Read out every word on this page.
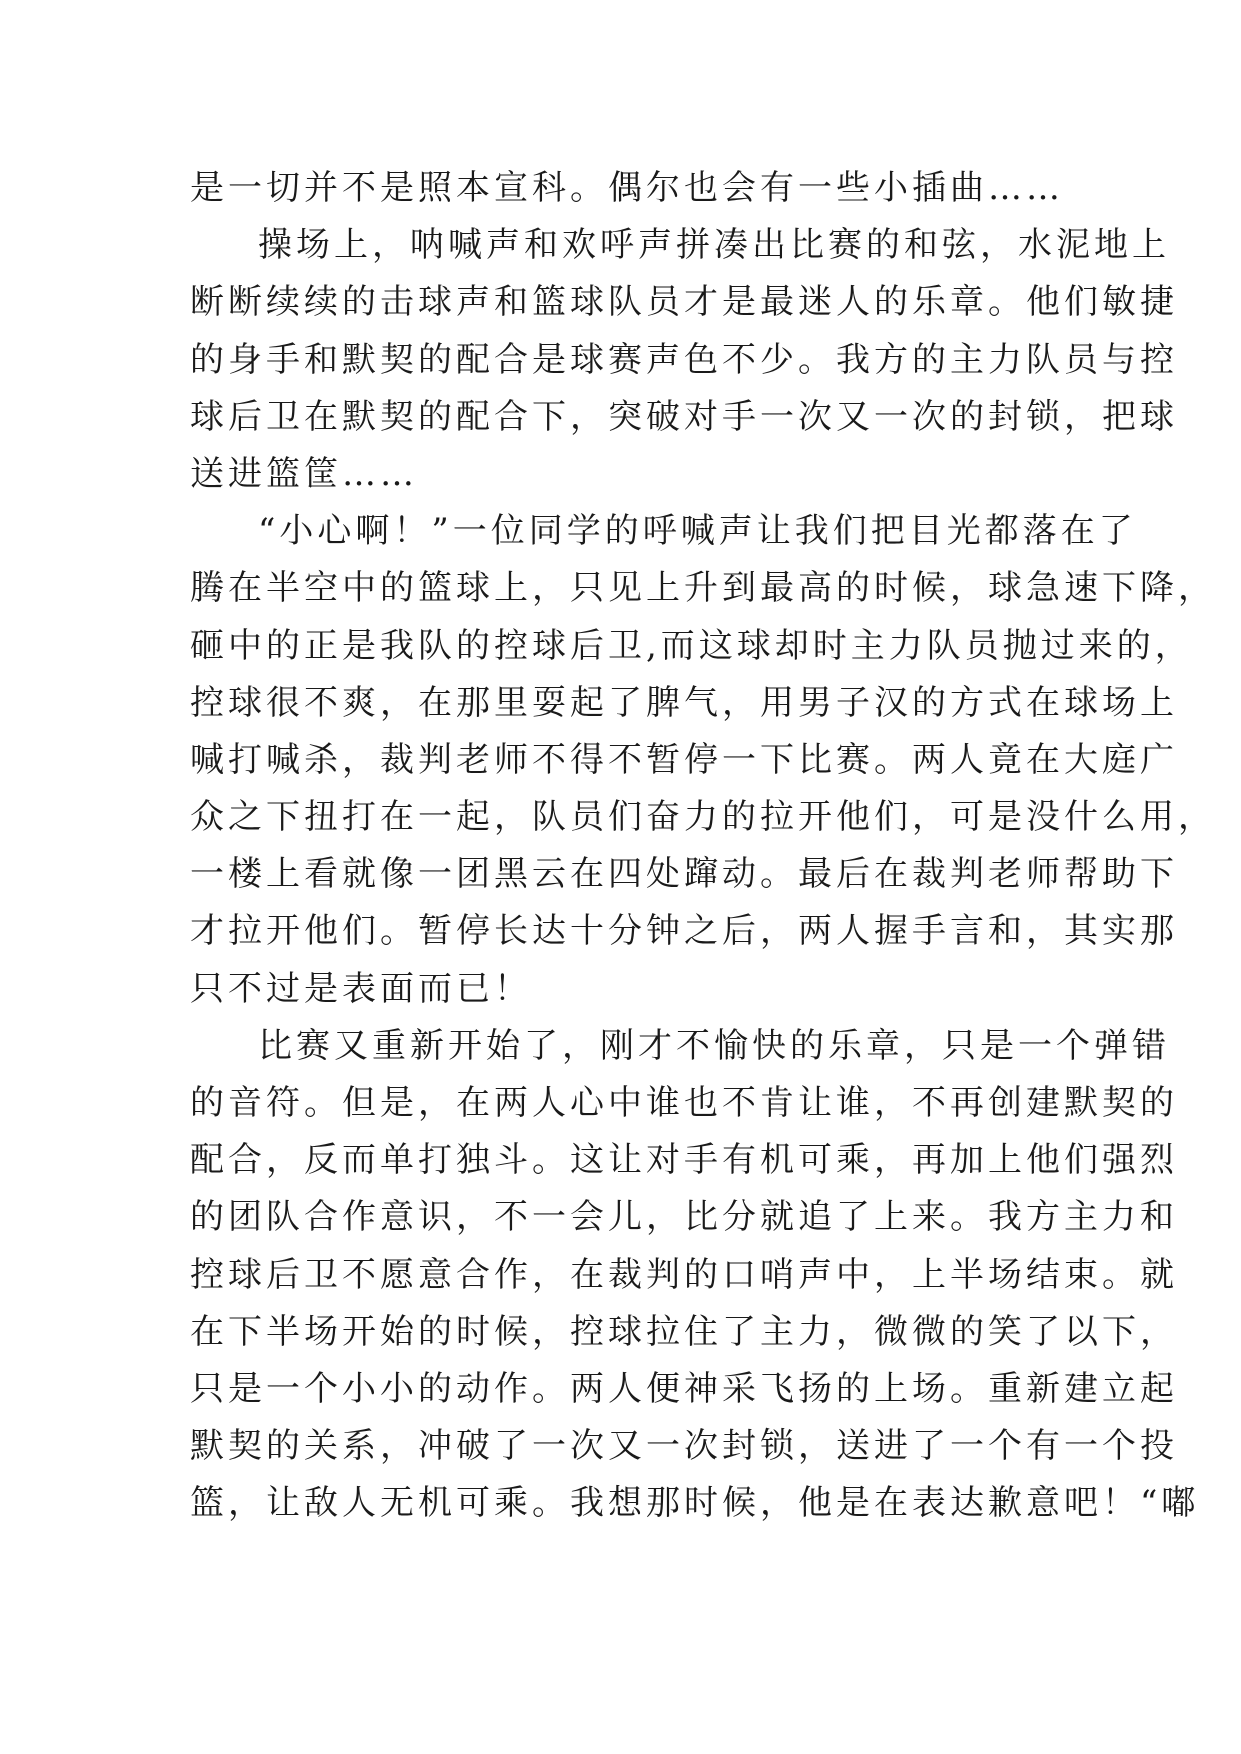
是一切并不是照本宣科。偶尔也会有一些小插曲……
操场上，呐喊声和欢呼声拼凑出比赛的和弦，水泥地上
断断续续的击球声和篮球队员才是最迷人的乐章。他们敏捷
的身手和默契的配合是球赛声色不少。我方的主力队员与控
球后卫在默契的配合下，突破对手一次又一次的封锁，把球
送进篮筐……
“小心啊！”一位同学的呼喊声让我们把目光都落在了
腾在半空中的篮球上，只见上升到最高的时候，球急速下降，
砸中的正是我队的控球后卫,而这球却时主力队员抛过来的，
控球很不爽，在那里耍起了脾气，用男子汉的方式在球场上
喊打喊杀，裁判老师不得不暂停一下比赛。两人竟在大庭广
众之下扭打在一起，队员们奋力的拉开他们，可是没什么用，
一楼上看就像一团黑云在四处蹿动。最后在裁判老师帮助下
才拉开他们。暂停长达十分钟之后，两人握手言和，其实那
只不过是表面而已！
比赛又重新开始了，刚才不愉快的乐章，只是一个弹错
的音符。但是，在两人心中谁也不肯让谁，不再创建默契的
配合，反而单打独斗。这让对手有机可乘，再加上他们强烈
的团队合作意识，不一会儿，比分就追了上来。我方主力和
控球后卫不愿意合作，在裁判的口哨声中，上半场结束。就
在下半场开始的时候，控球拉住了主力，微微的笑了以下，
只是一个小小的动作。两人便神采飞扬的上场。重新建立起
默契的关系，冲破了一次又一次封锁，送进了一个有一个投
篮，让敌人无机可乘。我想那时候，他是在表达歉意吧！“嘟
